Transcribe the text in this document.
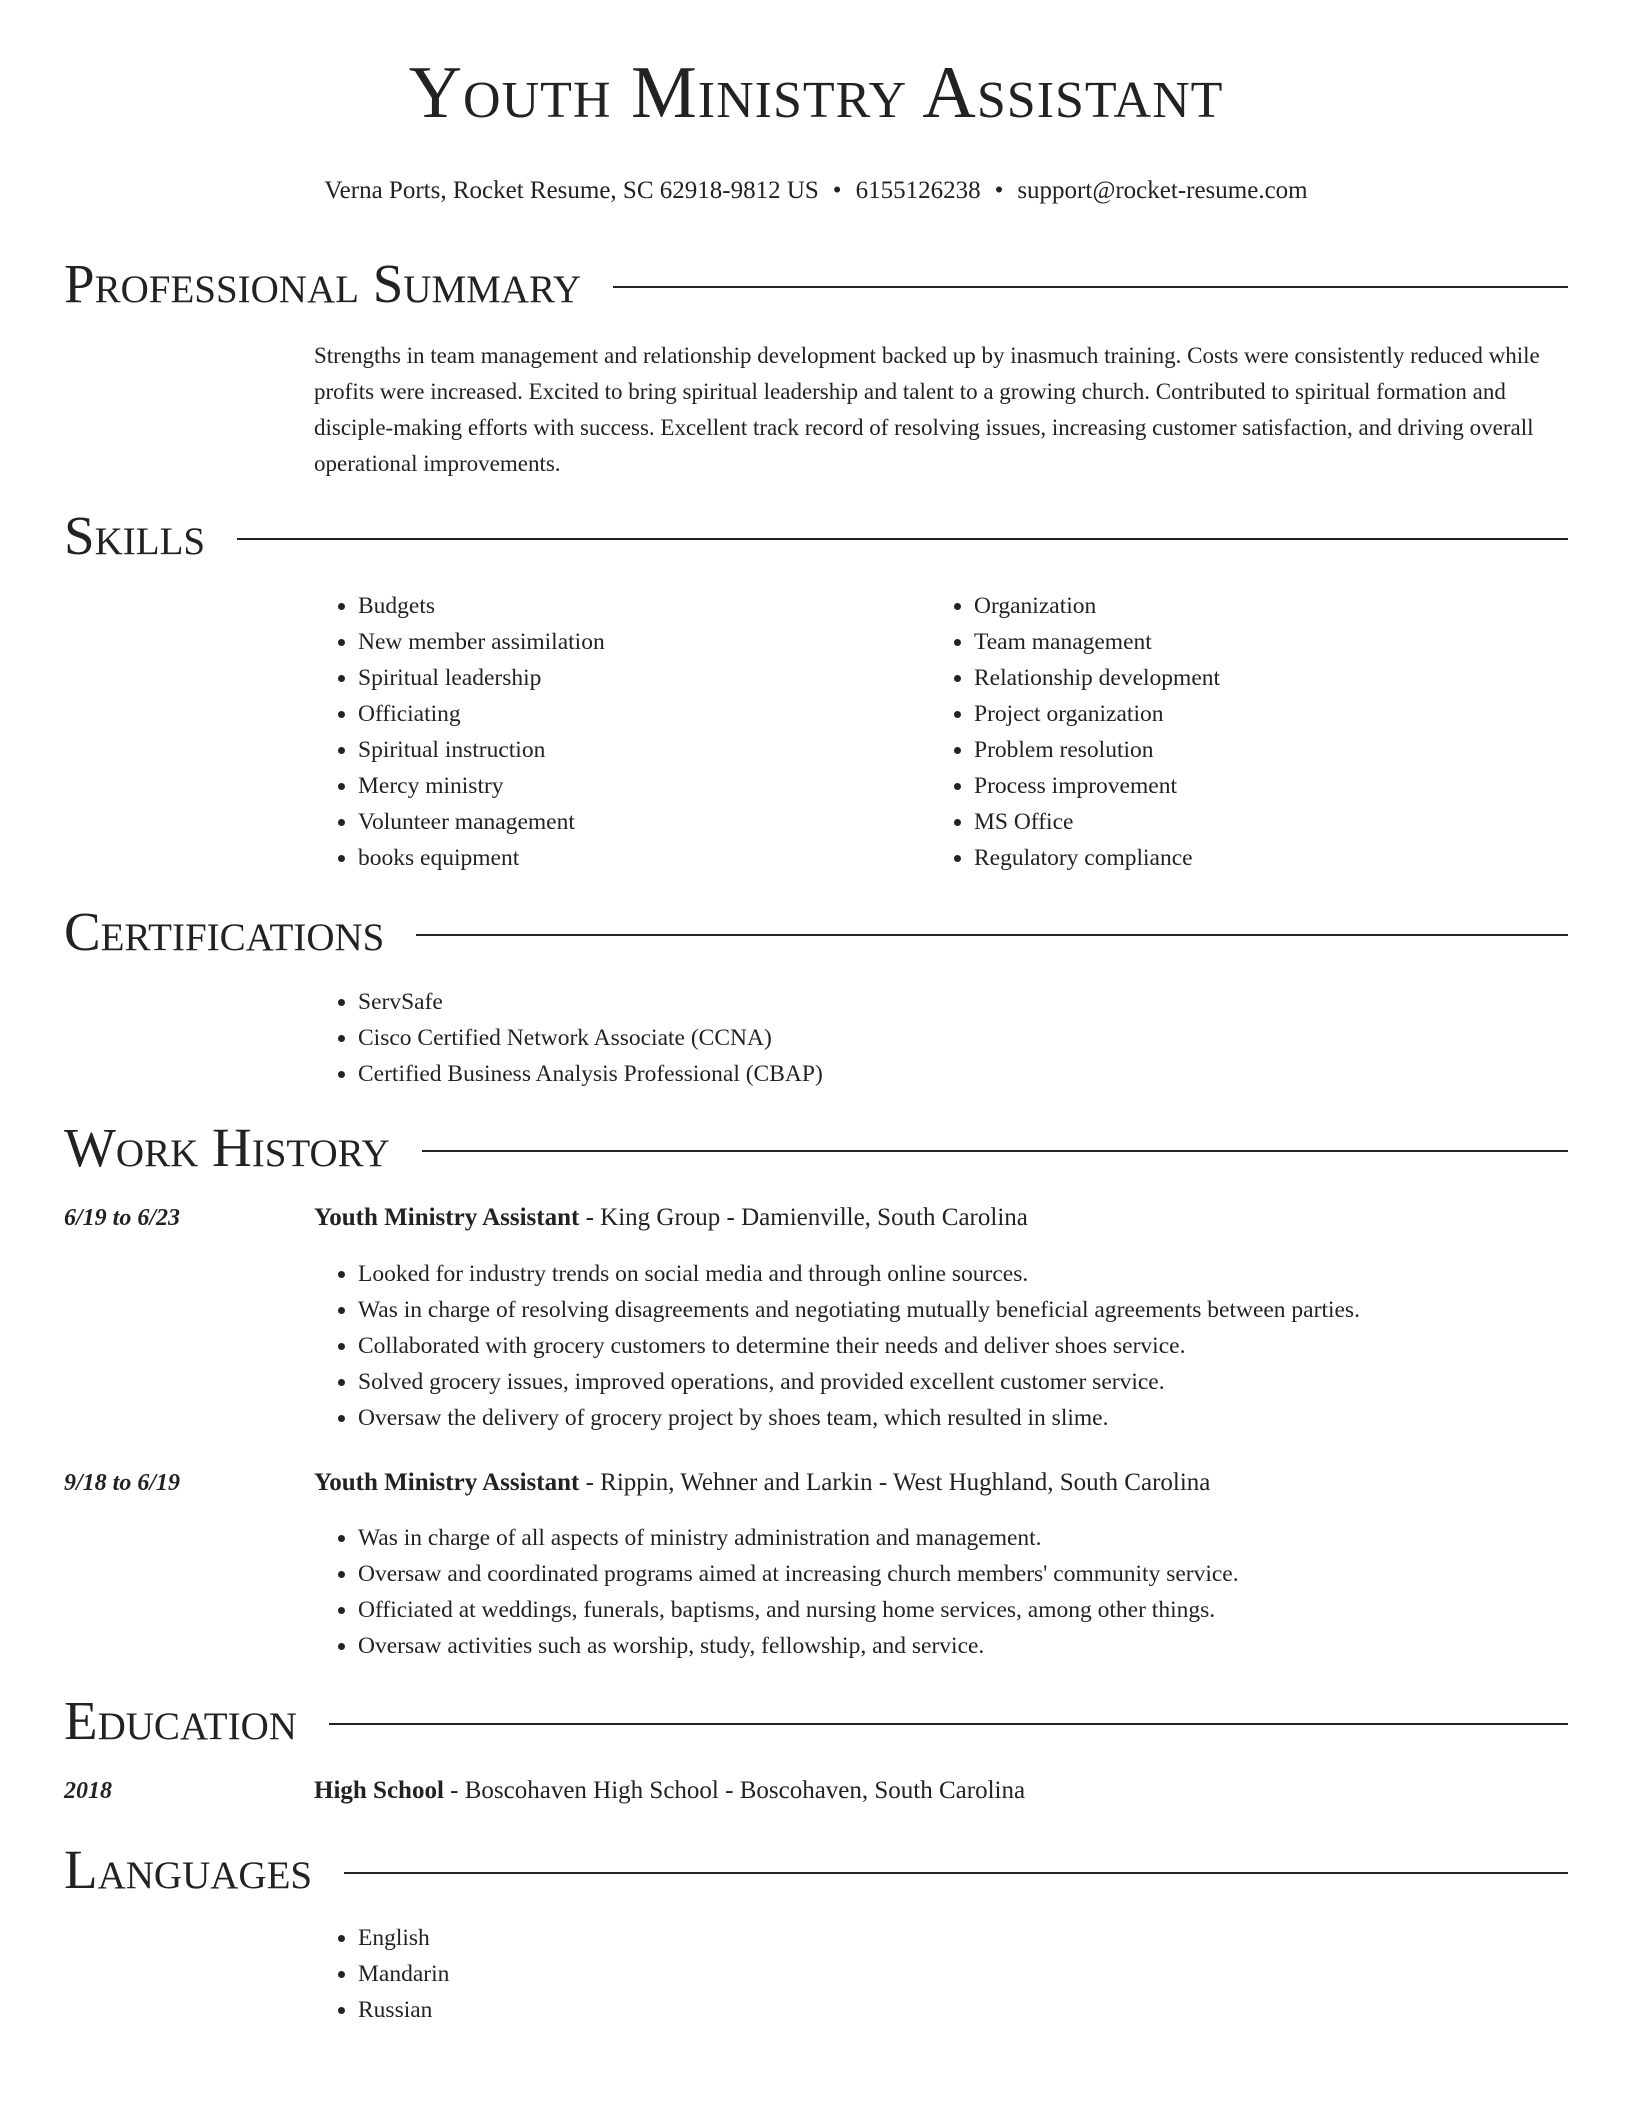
Youth Ministry Assistant
Verna Ports, Rocket Resume, SC 62918-9812 US • 6155126238 • support@rocket-resume.com
Professional Summary
Strengths in team management and relationship development backed up by inasmuch training. Costs were consistently reduced while profits were increased. Excited to bring spiritual leadership and talent to a growing church. Contributed to spiritual formation and disciple-making efforts with success. Excellent track record of resolving issues, increasing customer satisfaction, and driving overall operational improvements.
Skills
• Budgets
• New member assimilation
• Spiritual leadership
• Officiating
• Spiritual instruction
• Mercy ministry
• Volunteer management
• books equipment
• Organization
• Team management
• Relationship development
• Project organization
• Problem resolution
• Process improvement
• MS Office
• Regulatory compliance
Certifications
• ServSafe
• Cisco Certified Network Associate (CCNA)
• Certified Business Analysis Professional (CBAP)
Work History
6/19 to 6/23	Youth Ministry Assistant - King Group - Damienville, South Carolina
• Looked for industry trends on social media and through online sources.
• Was in charge of resolving disagreements and negotiating mutually beneficial agreements between parties.
• Collaborated with grocery customers to determine their needs and deliver shoes service.
• Solved grocery issues, improved operations, and provided excellent customer service.
• Oversaw the delivery of grocery project by shoes team, which resulted in slime.
9/18 to 6/19	Youth Ministry Assistant - Rippin, Wehner and Larkin - West Hughland, South Carolina
• Was in charge of all aspects of ministry administration and management.
• Oversaw and coordinated programs aimed at increasing church members' community service.
• Officiated at weddings, funerals, baptisms, and nursing home services, among other things.
• Oversaw activities such as worship, study, fellowship, and service.
Education
2018	High School - Boscohaven High School - Boscohaven, South Carolina
Languages
• English
• Mandarin
• Russian
